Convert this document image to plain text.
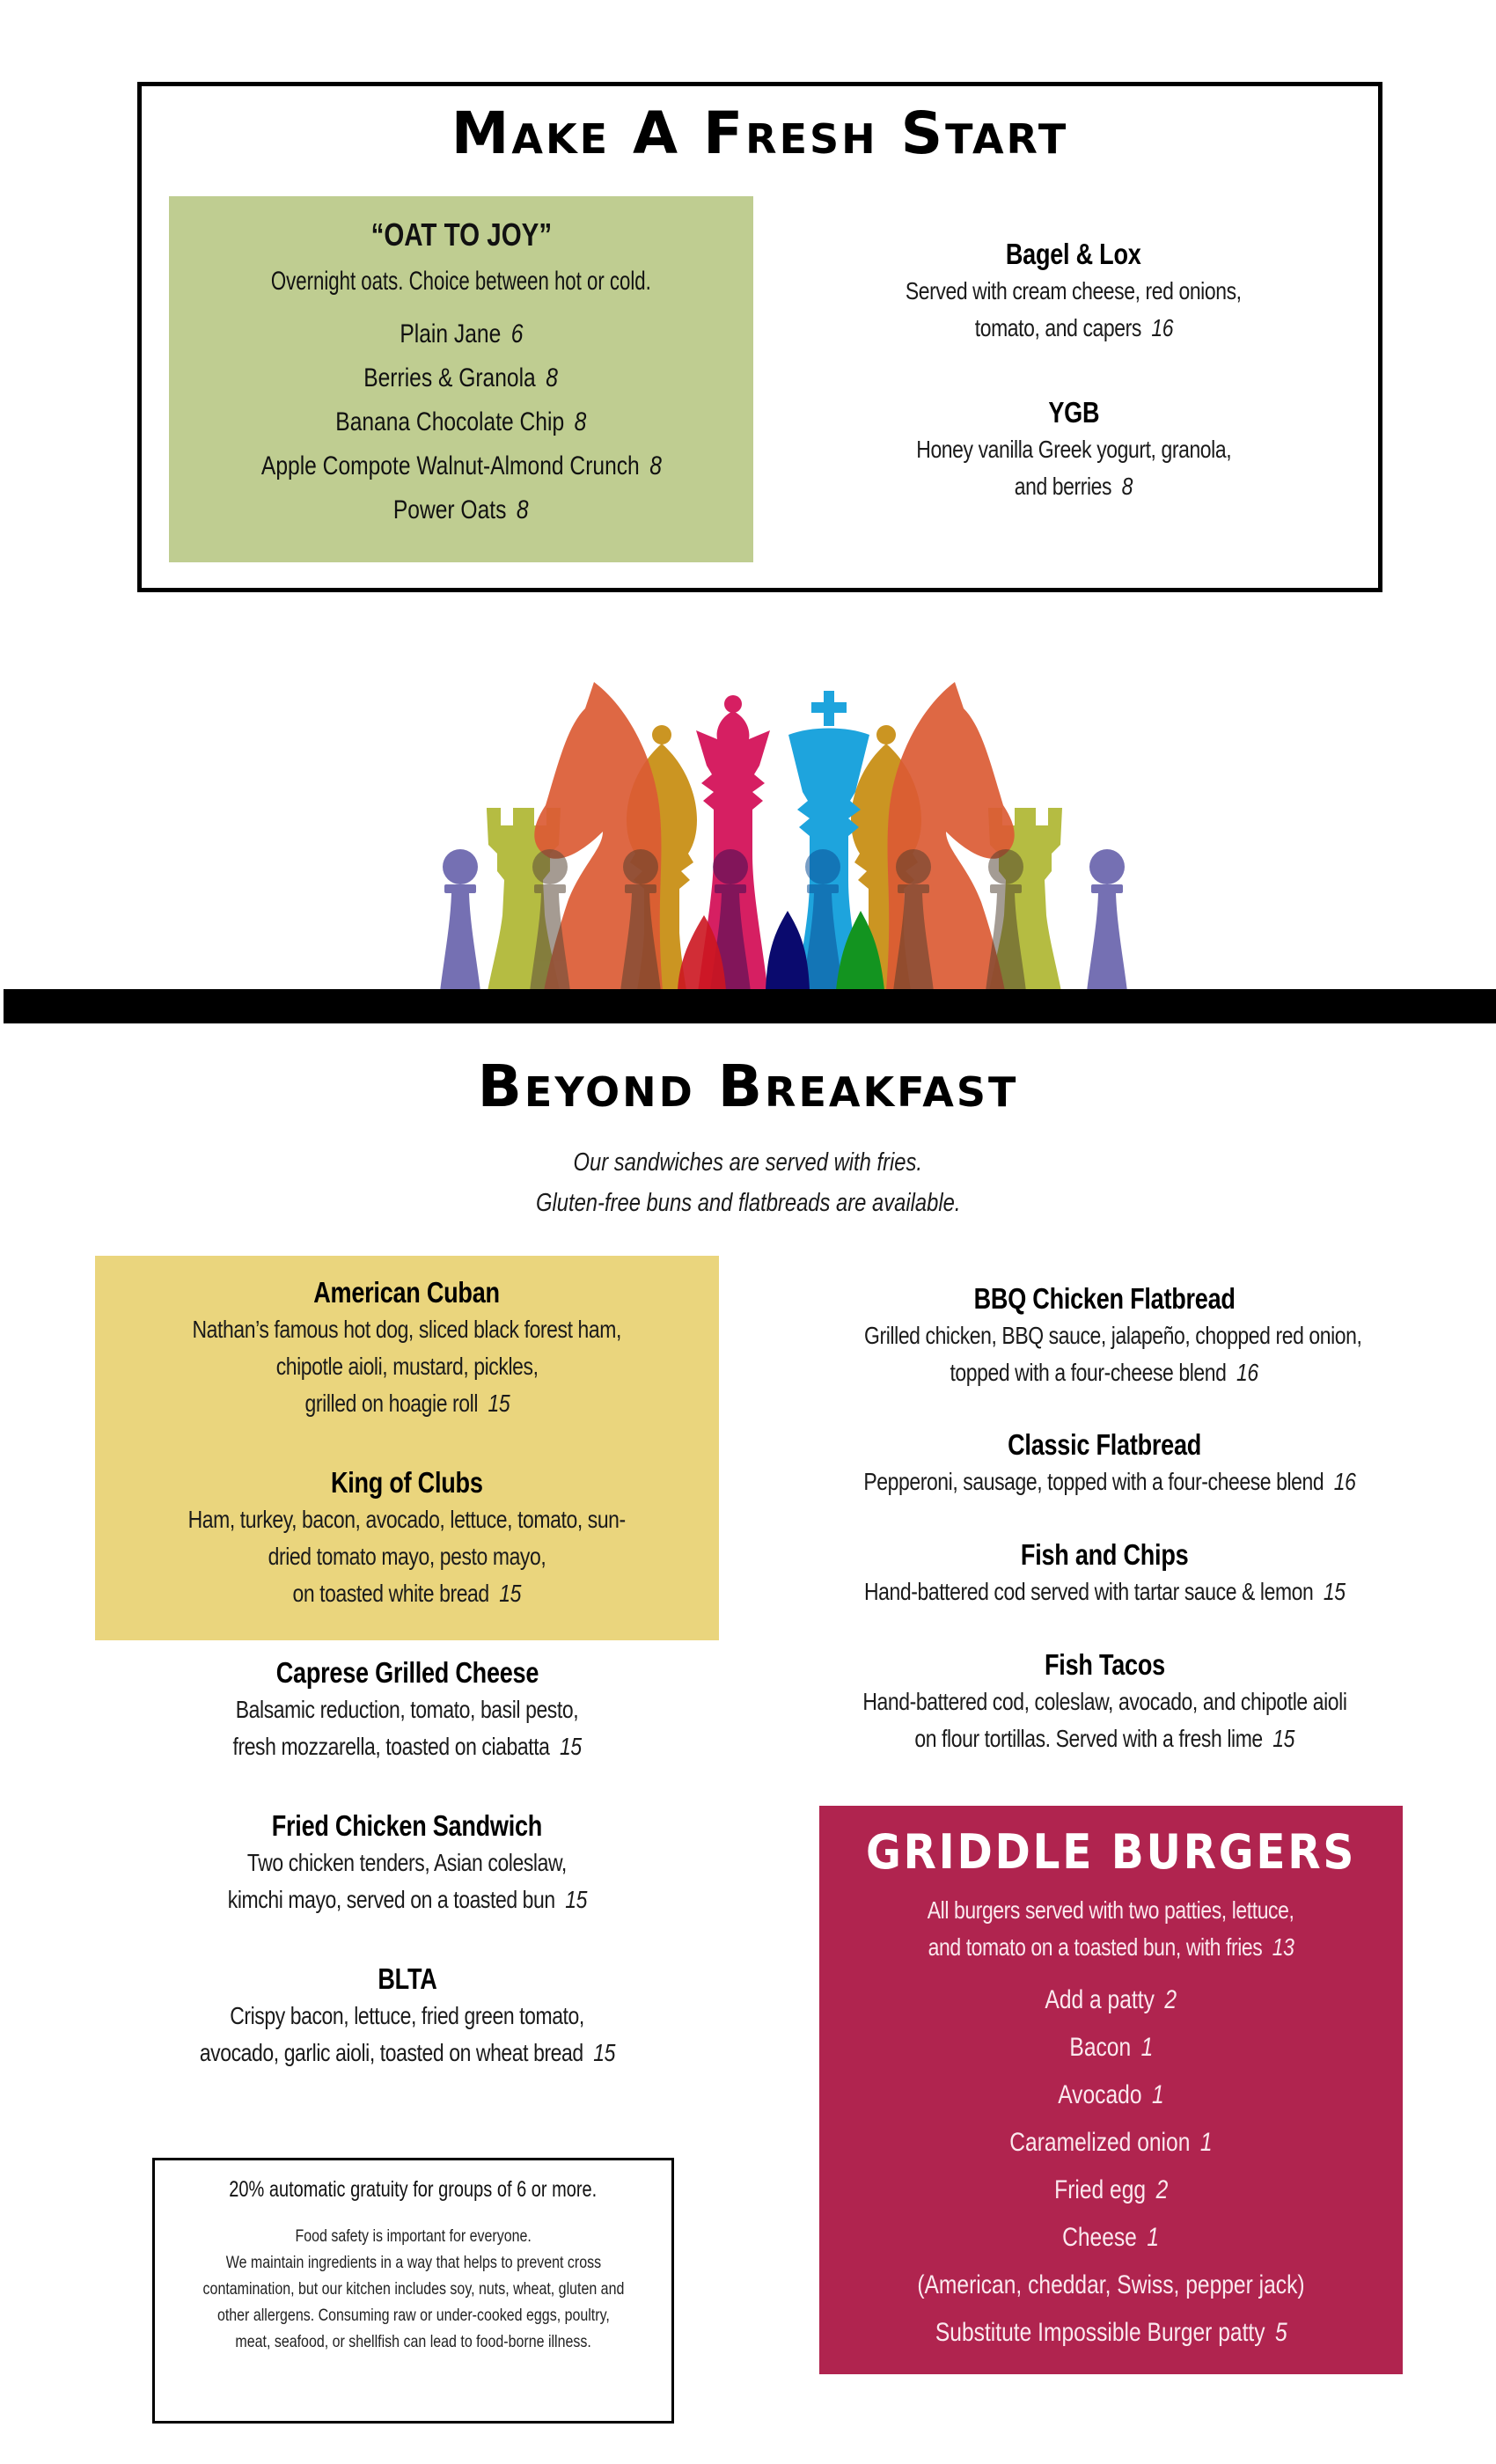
Make A Fresh Start
“OAT TO JOY”
Overnight oats. Choice between hot or cold.
Plain Jane 6
Berries & Granola 8
Banana Chocolate Chip 8
Apple Compote Walnut-Almond Crunch 8
Power Oats 8
Bagel & Lox
Served with cream cheese, red onions,
tomato, and capers 16
YGB
Honey vanilla Greek yogurt, granola,
and berries 8
Beyond Breakfast
Our sandwiches are served with fries.
Gluten-free buns and flatbreads are available.
American Cuban
Nathan’s famous hot dog, sliced black forest ham,
chipotle aioli, mustard, pickles,
grilled on hoagie roll 15
King of Clubs
Ham, turkey, bacon, avocado, lettuce, tomato, sun-
dried tomato mayo, pesto mayo,
on toasted white bread 15
Caprese Grilled Cheese
Balsamic reduction, tomato, basil pesto,
fresh mozzarella, toasted on ciabatta 15
Fried Chicken Sandwich
Two chicken tenders, Asian coleslaw,
kimchi mayo, served on a toasted bun 15
BLTA
Crispy bacon, lettuce, fried green tomato,
avocado, garlic aioli, toasted on wheat bread 15
BBQ Chicken Flatbread
Grilled chicken, BBQ sauce, jalapeño, chopped red onion,
topped with a four-cheese blend 16
Classic Flatbread
Pepperoni, sausage, topped with a four-cheese blend 16
Fish and Chips
Hand-battered cod served with tartar sauce & lemon 15
Fish Tacos
Hand-battered cod, coleslaw, avocado, and chipotle aioli
on flour tortillas. Served with a fresh lime 15
GRIDDLE BURGERS
All burgers served with two patties, lettuce,
and tomato on a toasted bun, with fries 13
Add a patty 2
Bacon 1
Avocado 1
Caramelized onion 1
Fried egg 2
Cheese 1
(American, cheddar, Swiss, pepper jack)
Substitute Impossible Burger patty 5
20% automatic gratuity for groups of 6 or more.
Food safety is important for everyone.
We maintain ingredients in a way that helps to prevent cross
contamination, but our kitchen includes soy, nuts, wheat, gluten and
other allergens. Consuming raw or under-cooked eggs, poultry,
meat, seafood, or shellfish can lead to food-borne illness.
